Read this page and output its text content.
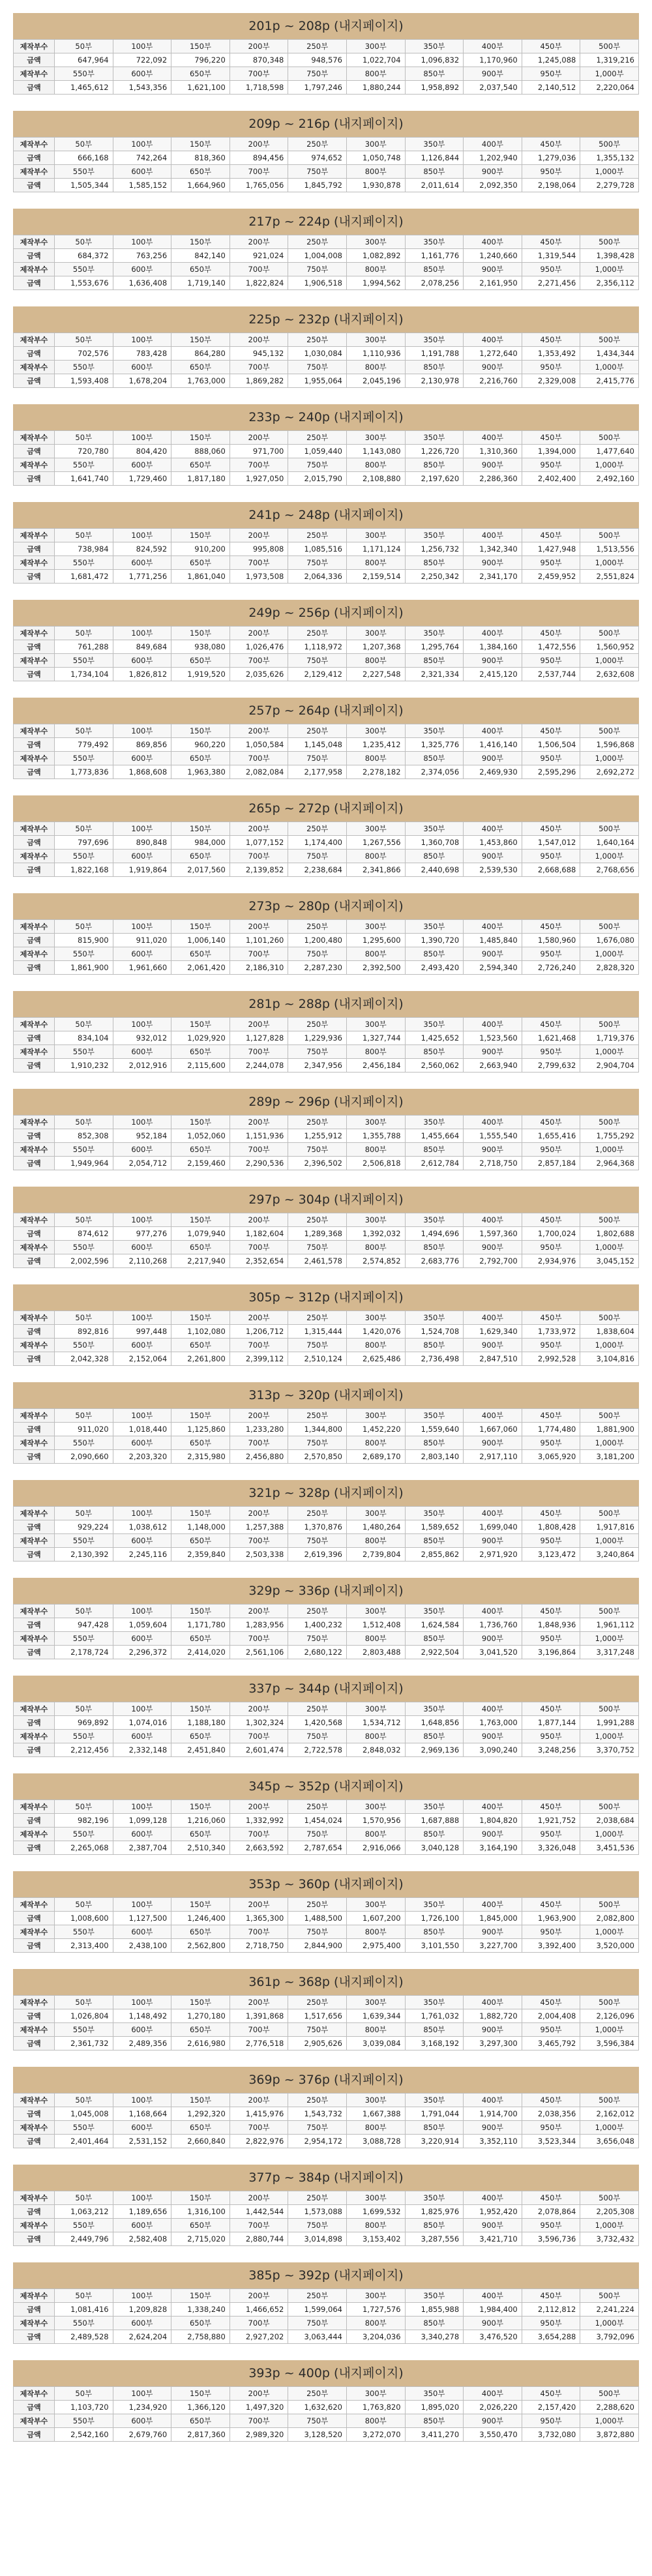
201p ~ 208p (내지페이지)
제작부수	50부	100부	150부	200부	250부	300부	350부	400부	450부	500부
금액	647,964	722,092	796,220	870,348	948,576	1,022,704	1,096,832	1,170,960	1,245,088	1,319,216
제작부수	550부	600부	650부	700부	750부	800부	850부	900부	950부	1,000부
금액	1,465,612	1,543,356	1,621,100	1,718,598	1,797,246	1,880,244	1,958,892	2,037,540	2,140,512	2,220,064
209p ~ 216p (내지페이지)
제작부수	50부	100부	150부	200부	250부	300부	350부	400부	450부	500부
금액	666,168	742,264	818,360	894,456	974,652	1,050,748	1,126,844	1,202,940	1,279,036	1,355,132
제작부수	550부	600부	650부	700부	750부	800부	850부	900부	950부	1,000부
금액	1,505,344	1,585,152	1,664,960	1,765,056	1,845,792	1,930,878	2,011,614	2,092,350	2,198,064	2,279,728
217p ~ 224p (내지페이지)
제작부수	50부	100부	150부	200부	250부	300부	350부	400부	450부	500부
금액	684,372	763,256	842,140	921,024	1,004,008	1,082,892	1,161,776	1,240,660	1,319,544	1,398,428
제작부수	550부	600부	650부	700부	750부	800부	850부	900부	950부	1,000부
금액	1,553,676	1,636,408	1,719,140	1,822,824	1,906,518	1,994,562	2,078,256	2,161,950	2,271,456	2,356,112
225p ~ 232p (내지페이지)
제작부수	50부	100부	150부	200부	250부	300부	350부	400부	450부	500부
금액	702,576	783,428	864,280	945,132	1,030,084	1,110,936	1,191,788	1,272,640	1,353,492	1,434,344
제작부수	550부	600부	650부	700부	750부	800부	850부	900부	950부	1,000부
금액	1,593,408	1,678,204	1,763,000	1,869,282	1,955,064	2,045,196	2,130,978	2,216,760	2,329,008	2,415,776
233p ~ 240p (내지페이지)
제작부수	50부	100부	150부	200부	250부	300부	350부	400부	450부	500부
금액	720,780	804,420	888,060	971,700	1,059,440	1,143,080	1,226,720	1,310,360	1,394,000	1,477,640
제작부수	550부	600부	650부	700부	750부	800부	850부	900부	950부	1,000부
금액	1,641,740	1,729,460	1,817,180	1,927,050	2,015,790	2,108,880	2,197,620	2,286,360	2,402,400	2,492,160
241p ~ 248p (내지페이지)
제작부수	50부	100부	150부	200부	250부	300부	350부	400부	450부	500부
금액	738,984	824,592	910,200	995,808	1,085,516	1,171,124	1,256,732	1,342,340	1,427,948	1,513,556
제작부수	550부	600부	650부	700부	750부	800부	850부	900부	950부	1,000부
금액	1,681,472	1,771,256	1,861,040	1,973,508	2,064,336	2,159,514	2,250,342	2,341,170	2,459,952	2,551,824
249p ~ 256p (내지페이지)
제작부수	50부	100부	150부	200부	250부	300부	350부	400부	450부	500부
금액	761,288	849,684	938,080	1,026,476	1,118,972	1,207,368	1,295,764	1,384,160	1,472,556	1,560,952
제작부수	550부	600부	650부	700부	750부	800부	850부	900부	950부	1,000부
금액	1,734,104	1,826,812	1,919,520	2,035,626	2,129,412	2,227,548	2,321,334	2,415,120	2,537,744	2,632,608
257p ~ 264p (내지페이지)
제작부수	50부	100부	150부	200부	250부	300부	350부	400부	450부	500부
금액	779,492	869,856	960,220	1,050,584	1,145,048	1,235,412	1,325,776	1,416,140	1,506,504	1,596,868
제작부수	550부	600부	650부	700부	750부	800부	850부	900부	950부	1,000부
금액	1,773,836	1,868,608	1,963,380	2,082,084	2,177,958	2,278,182	2,374,056	2,469,930	2,595,296	2,692,272
265p ~ 272p (내지페이지)
제작부수	50부	100부	150부	200부	250부	300부	350부	400부	450부	500부
금액	797,696	890,848	984,000	1,077,152	1,174,400	1,267,556	1,360,708	1,453,860	1,547,012	1,640,164
제작부수	550부	600부	650부	700부	750부	800부	850부	900부	950부	1,000부
금액	1,822,168	1,919,864	2,017,560	2,139,852	2,238,684	2,341,866	2,440,698	2,539,530	2,668,688	2,768,656
273p ~ 280p (내지페이지)
제작부수	50부	100부	150부	200부	250부	300부	350부	400부	450부	500부
금액	815,900	911,020	1,006,140	1,101,260	1,200,480	1,295,600	1,390,720	1,485,840	1,580,960	1,676,080
제작부수	550부	600부	650부	700부	750부	800부	850부	900부	950부	1,000부
금액	1,861,900	1,961,660	2,061,420	2,186,310	2,287,230	2,392,500	2,493,420	2,594,340	2,726,240	2,828,320
281p ~ 288p (내지페이지)
제작부수	50부	100부	150부	200부	250부	300부	350부	400부	450부	500부
금액	834,104	932,012	1,029,920	1,127,828	1,229,936	1,327,744	1,425,652	1,523,560	1,621,468	1,719,376
제작부수	550부	600부	650부	700부	750부	800부	850부	900부	950부	1,000부
금액	1,910,232	2,012,916	2,115,600	2,244,078	2,347,956	2,456,184	2,560,062	2,663,940	2,799,632	2,904,704
289p ~ 296p (내지페이지)
제작부수	50부	100부	150부	200부	250부	300부	350부	400부	450부	500부
금액	852,308	952,184	1,052,060	1,151,936	1,255,912	1,355,788	1,455,664	1,555,540	1,655,416	1,755,292
제작부수	550부	600부	650부	700부	750부	800부	850부	900부	950부	1,000부
금액	1,949,964	2,054,712	2,159,460	2,290,536	2,396,502	2,506,818	2,612,784	2,718,750	2,857,184	2,964,368
297p ~ 304p (내지페이지)
제작부수	50부	100부	150부	200부	250부	300부	350부	400부	450부	500부
금액	874,612	977,276	1,079,940	1,182,604	1,289,368	1,392,032	1,494,696	1,597,360	1,700,024	1,802,688
제작부수	550부	600부	650부	700부	750부	800부	850부	900부	950부	1,000부
금액	2,002,596	2,110,268	2,217,940	2,352,654	2,461,578	2,574,852	2,683,776	2,792,700	2,934,976	3,045,152
305p ~ 312p (내지페이지)
제작부수	50부	100부	150부	200부	250부	300부	350부	400부	450부	500부
금액	892,816	997,448	1,102,080	1,206,712	1,315,444	1,420,076	1,524,708	1,629,340	1,733,972	1,838,604
제작부수	550부	600부	650부	700부	750부	800부	850부	900부	950부	1,000부
금액	2,042,328	2,152,064	2,261,800	2,399,112	2,510,124	2,625,486	2,736,498	2,847,510	2,992,528	3,104,816
313p ~ 320p (내지페이지)
제작부수	50부	100부	150부	200부	250부	300부	350부	400부	450부	500부
금액	911,020	1,018,440	1,125,860	1,233,280	1,344,800	1,452,220	1,559,640	1,667,060	1,774,480	1,881,900
제작부수	550부	600부	650부	700부	750부	800부	850부	900부	950부	1,000부
금액	2,090,660	2,203,320	2,315,980	2,456,880	2,570,850	2,689,170	2,803,140	2,917,110	3,065,920	3,181,200
321p ~ 328p (내지페이지)
제작부수	50부	100부	150부	200부	250부	300부	350부	400부	450부	500부
금액	929,224	1,038,612	1,148,000	1,257,388	1,370,876	1,480,264	1,589,652	1,699,040	1,808,428	1,917,816
제작부수	550부	600부	650부	700부	750부	800부	850부	900부	950부	1,000부
금액	2,130,392	2,245,116	2,359,840	2,503,338	2,619,396	2,739,804	2,855,862	2,971,920	3,123,472	3,240,864
329p ~ 336p (내지페이지)
제작부수	50부	100부	150부	200부	250부	300부	350부	400부	450부	500부
금액	947,428	1,059,604	1,171,780	1,283,956	1,400,232	1,512,408	1,624,584	1,736,760	1,848,936	1,961,112
제작부수	550부	600부	650부	700부	750부	800부	850부	900부	950부	1,000부
금액	2,178,724	2,296,372	2,414,020	2,561,106	2,680,122	2,803,488	2,922,504	3,041,520	3,196,864	3,317,248
337p ~ 344p (내지페이지)
제작부수	50부	100부	150부	200부	250부	300부	350부	400부	450부	500부
금액	969,892	1,074,016	1,188,180	1,302,324	1,420,568	1,534,712	1,648,856	1,763,000	1,877,144	1,991,288
제작부수	550부	600부	650부	700부	750부	800부	850부	900부	950부	1,000부
금액	2,212,456	2,332,148	2,451,840	2,601,474	2,722,578	2,848,032	2,969,136	3,090,240	3,248,256	3,370,752
345p ~ 352p (내지페이지)
제작부수	50부	100부	150부	200부	250부	300부	350부	400부	450부	500부
금액	982,196	1,099,128	1,216,060	1,332,992	1,454,024	1,570,956	1,687,888	1,804,820	1,921,752	2,038,684
제작부수	550부	600부	650부	700부	750부	800부	850부	900부	950부	1,000부
금액	2,265,068	2,387,704	2,510,340	2,663,592	2,787,654	2,916,066	3,040,128	3,164,190	3,326,048	3,451,536
353p ~ 360p (내지페이지)
제작부수	50부	100부	150부	200부	250부	300부	350부	400부	450부	500부
금액	1,008,600	1,127,500	1,246,400	1,365,300	1,488,500	1,607,200	1,726,100	1,845,000	1,963,900	2,082,800
제작부수	550부	600부	650부	700부	750부	800부	850부	900부	950부	1,000부
금액	2,313,400	2,438,100	2,562,800	2,718,750	2,844,900	2,975,400	3,101,550	3,227,700	3,392,400	3,520,000
361p ~ 368p (내지페이지)
제작부수	50부	100부	150부	200부	250부	300부	350부	400부	450부	500부
금액	1,026,804	1,148,492	1,270,180	1,391,868	1,517,656	1,639,344	1,761,032	1,882,720	2,004,408	2,126,096
제작부수	550부	600부	650부	700부	750부	800부	850부	900부	950부	1,000부
금액	2,361,732	2,489,356	2,616,980	2,776,518	2,905,626	3,039,084	3,168,192	3,297,300	3,465,792	3,596,384
369p ~ 376p (내지페이지)
제작부수	50부	100부	150부	200부	250부	300부	350부	400부	450부	500부
금액	1,045,008	1,168,664	1,292,320	1,415,976	1,543,732	1,667,388	1,791,044	1,914,700	2,038,356	2,162,012
제작부수	550부	600부	650부	700부	750부	800부	850부	900부	950부	1,000부
금액	2,401,464	2,531,152	2,660,840	2,822,976	2,954,172	3,088,728	3,220,914	3,352,110	3,523,344	3,656,048
377p ~ 384p (내지페이지)
제작부수	50부	100부	150부	200부	250부	300부	350부	400부	450부	500부
금액	1,063,212	1,189,656	1,316,100	1,442,544	1,573,088	1,699,532	1,825,976	1,952,420	2,078,864	2,205,308
제작부수	550부	600부	650부	700부	750부	800부	850부	900부	950부	1,000부
금액	2,449,796	2,582,408	2,715,020	2,880,744	3,014,898	3,153,402	3,287,556	3,421,710	3,596,736	3,732,432
385p ~ 392p (내지페이지)
제작부수	50부	100부	150부	200부	250부	300부	350부	400부	450부	500부
금액	1,081,416	1,209,828	1,338,240	1,466,652	1,599,064	1,727,576	1,855,988	1,984,400	2,112,812	2,241,224
제작부수	550부	600부	650부	700부	750부	800부	850부	900부	950부	1,000부
금액	2,489,528	2,624,204	2,758,880	2,927,202	3,063,444	3,204,036	3,340,278	3,476,520	3,654,288	3,792,096
393p ~ 400p (내지페이지)
제작부수	50부	100부	150부	200부	250부	300부	350부	400부	450부	500부
금액	1,103,720	1,234,920	1,366,120	1,497,320	1,632,620	1,763,820	1,895,020	2,026,220	2,157,420	2,288,620
제작부수	550부	600부	650부	700부	750부	800부	850부	900부	950부	1,000부
금액	2,542,160	2,679,760	2,817,360	2,989,320	3,128,520	3,272,070	3,411,270	3,550,470	3,732,080	3,872,880
